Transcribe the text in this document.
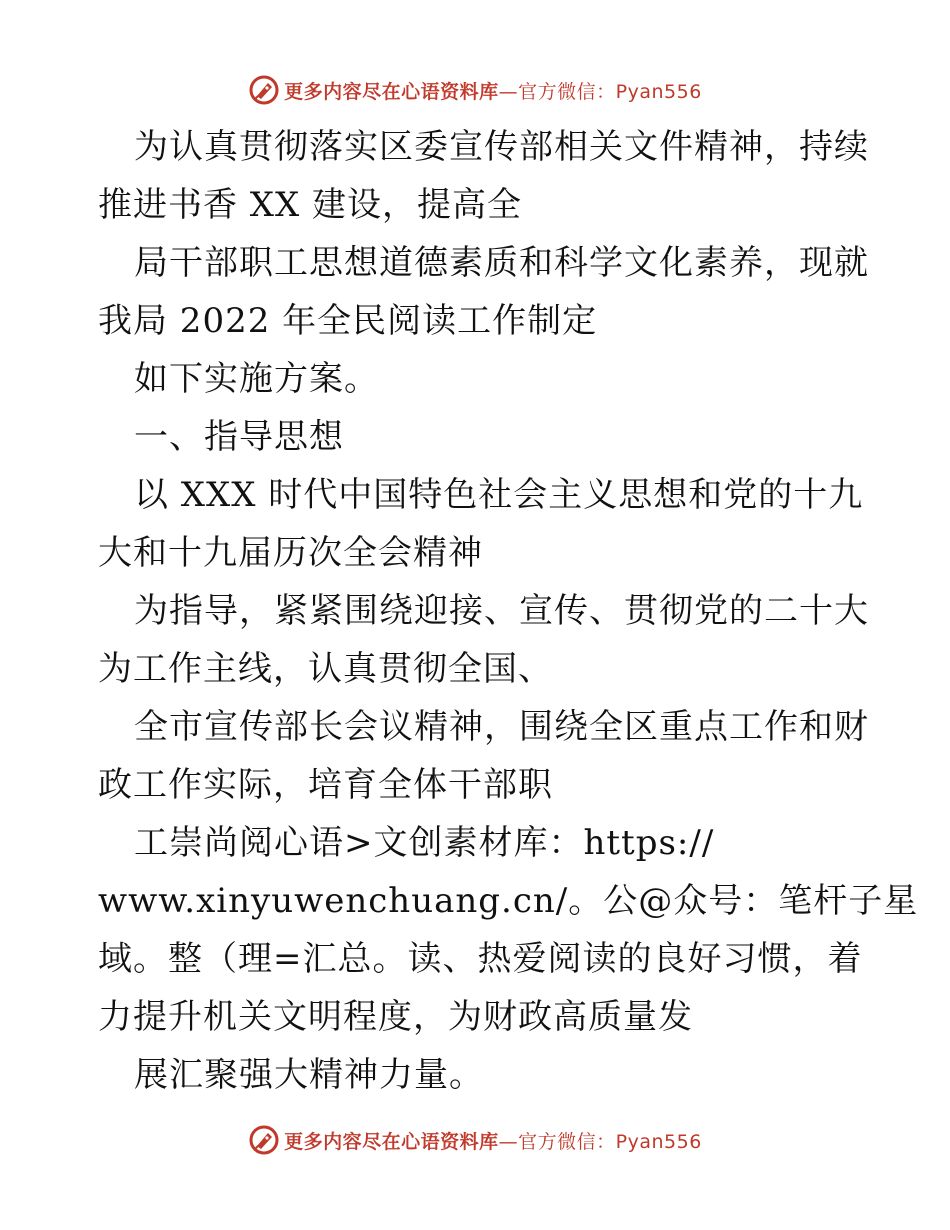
更多内容尽在心语资料库—官方微信：Pyan556
为认真贯彻落实区委宣传部相关文件精神，持续
推进书香 XX 建设，提高全
局干部职工思想道德素质和科学文化素养，现就
我局 2022 年全民阅读工作制定
如下实施方案。
一、指导思想
以 XXX 时代中国特色社会主义思想和党的十九
大和十九届历次全会精神
为指导，紧紧围绕迎接、宣传、贯彻党的二十大
为工作主线，认真贯彻全国、
全市宣传部长会议精神，围绕全区重点工作和财
政工作实际，培育全体干部职
工崇尚阅心语>文创素材库：https://
www.xinyuwenchuang.cn/。公@众号：笔杆子星
域。整（理=汇总。读、热爱阅读的良好习惯，着
力提升机关文明程度，为财政高质量发
展汇聚强大精神力量。
更多内容尽在心语资料库—官方微信：Pyan556
